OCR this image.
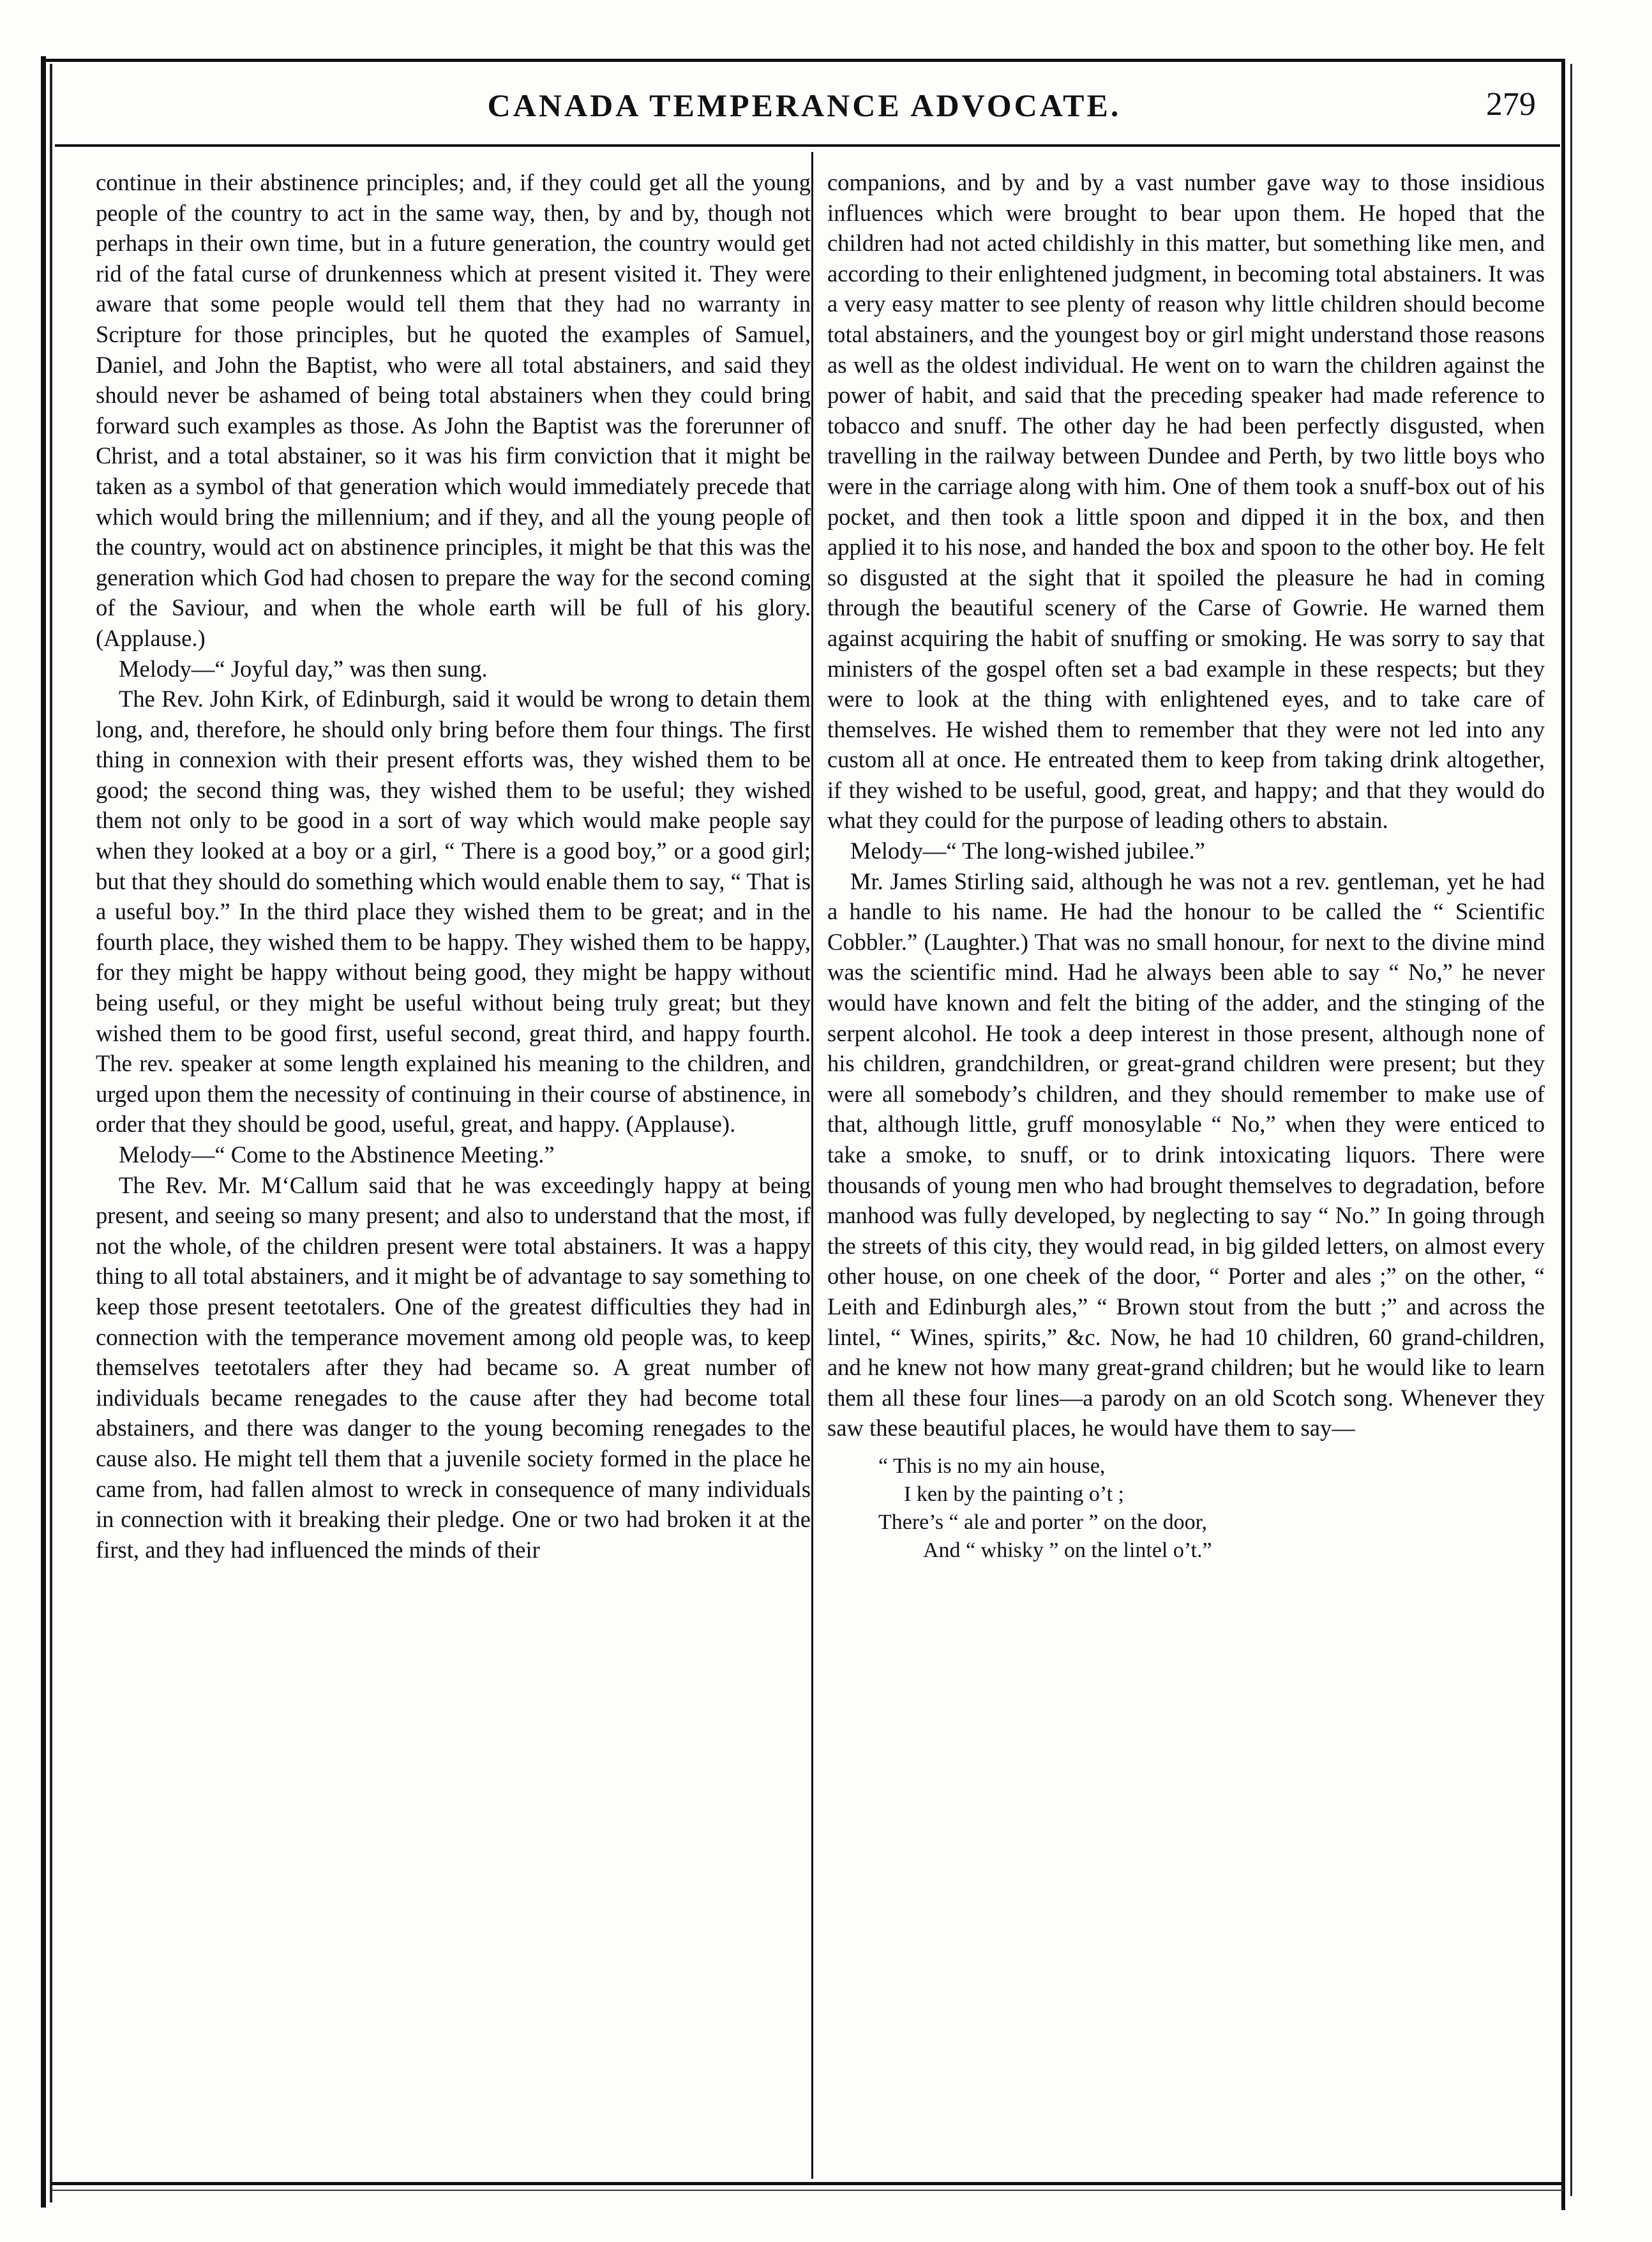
CANADA TEMPERANCE ADVOCATE.	279

continue in their abstinence principles; and, if they could get all the young people of the country to act in the same way, then, by and by, though not perhaps in their own time, but in a future generation, the country would get rid of the fatal curse of drunkenness which at present visited it. They were aware that some people would tell them that they had no warranty in Scripture for those principles, but he quoted the examples of Samuel, Daniel, and John the Baptist, who were all total abstainers, and said they should never be ashamed of being total abstainers when they could bring forward such examples as those. As John the Baptist was the forerunner of Christ, and a total abstainer, so it was his firm conviction that it might be taken as a symbol of that generation which would immediately precede that which would bring the millennium; and if they, and all the young people of the country, would act on abstinence principles, it might be that this was the generation which God had chosen to prepare the way for the second coming of the Saviour, and when the whole earth will be full of his glory. (Applause.)

Melody—“ Joyful day,” was then sung.

The Rev. John Kirk, of Edinburgh, said it would be wrong to detain them long, and, therefore, he should only bring before them four things. The first thing in connexion with their present efforts was, they wished them to be good; the second thing was, they wished them to be useful; they wished them not only to be good in a sort of way which would make people say when they looked at a boy or a girl, “ There is a good boy,” or a good girl; but that they should do something which would enable them to say, “ That is a useful boy.” In the third place they wished them to be great; and in the fourth place, they wished them to be happy. They wished them to be happy, for they might be happy without being good, they might be happy without being useful, or they might be useful without being truly great; but they wished them to be good first, useful second, great third, and happy fourth. The rev. speaker at some length explained his meaning to the children, and urged upon them the necessity of continuing in their course of abstinence, in order that they should be good, useful, great, and happy. (Applause).

Melody—“ Come to the Abstinence Meeting.”

The Rev. Mr. M‘Callum said that he was exceedingly happy at being present, and seeing so many present; and also to understand that the most, if not the whole, of the children present were total abstainers. It was a happy thing to all total abstainers, and it might be of advantage to say something to keep those present teetotalers. One of the greatest difficulties they had in connection with the temperance movement among old people was, to keep themselves teetotalers after they had became so. A great number of individuals became renegades to the cause after they had become total abstainers, and there was danger to the young becoming renegades to the cause also. He might tell them that a juvenile society formed in the place he came from, had fallen almost to wreck in consequence of many individuals in connection with it breaking their pledge. One or two had broken it at the first, and they had influenced the minds of their

companions, and by and by a vast number gave way to those insidious influences which were brought to bear upon them. He hoped that the children had not acted childishly in this matter, but something like men, and according to their enlightened judgment, in becoming total abstainers. It was a very easy matter to see plenty of reason why little children should become total abstainers, and the youngest boy or girl might understand those reasons as well as the oldest individual. He went on to warn the children against the power of habit, and said that the preceding speaker had made reference to tobacco and snuff. The other day he had been perfectly disgusted, when travelling in the railway between Dundee and Perth, by two little boys who were in the carriage along with him. One of them took a snuff-box out of his pocket, and then took a little spoon and dipped it in the box, and then applied it to his nose, and handed the box and spoon to the other boy. He felt so disgusted at the sight that it spoiled the pleasure he had in coming through the beautiful scenery of the Carse of Gowrie. He warned them against acquiring the habit of snuffing or smoking. He was sorry to say that ministers of the gospel often set a bad example in these respects; but they were to look at the thing with enlightened eyes, and to take care of themselves. He wished them to remember that they were not led into any custom all at once. He entreated them to keep from taking drink altogether, if they wished to be useful, good, great, and happy; and that they would do what they could for the purpose of leading others to abstain.

Melody—“ The long-wished jubilee.”

Mr. James Stirling said, although he was not a rev. gentleman, yet he had a handle to his name. He had the honour to be called the “ Scientific Cobbler.” (Laughter.) That was no small honour, for next to the divine mind was the scientific mind. Had he always been able to say “ No,” he never would have known and felt the biting of the adder, and the stinging of the serpent alcohol. He took a deep interest in those present, although none of his children, grandchildren, or great-grand children were present; but they were all somebody’s children, and they should remember to make use of that, although little, gruff monosylable “ No,” when they were enticed to take a smoke, to snuff, or to drink intoxicating liquors. There were thousands of young men who had brought themselves to degradation, before manhood was fully developed, by neglecting to say “ No.” In going through the streets of this city, they would read, in big gilded letters, on almost every other house, on one cheek of the door, “ Porter and ales ;” on the other, “ Leith and Edinburgh ales,” “ Brown stout from the butt ;” and across the lintel, “ Wines, spirits,” &c. Now, he had 10 children, 60 grand-children, and he knew not how many great-grand children; but he would like to learn them all these four lines—a parody on an old Scotch song. Whenever they saw these beautiful places, he would have them to say—

“ This is no my ain house,
I ken by the painting o’t ;
There’s “ ale and porter ” on the door,
And “ whisky ” on the lintel o’t.”
